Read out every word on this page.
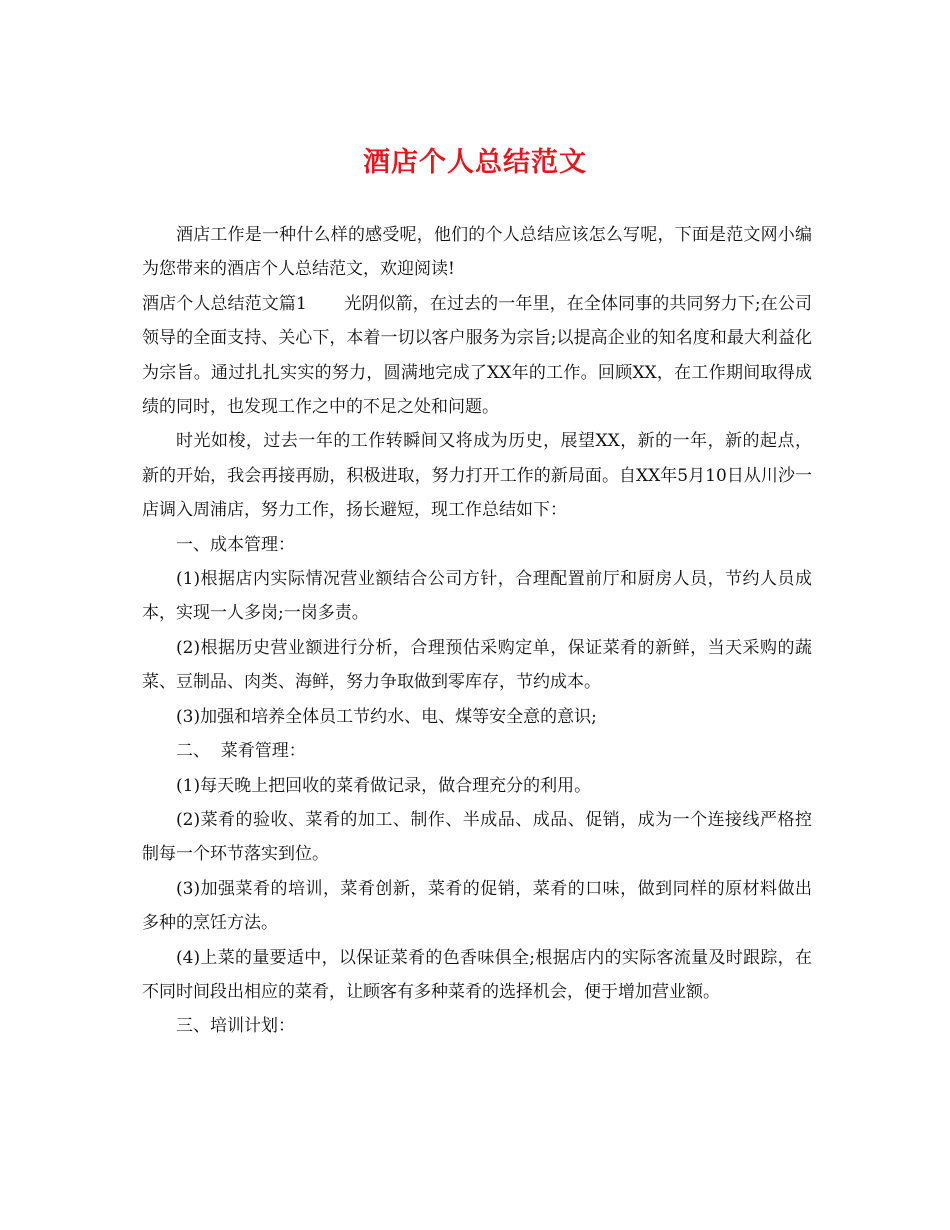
酒店个人总结范文

酒店工作是一种什么样的感受呢，他们的个人总结应该怎么写呢，下面是范文网小编为您带来的酒店个人总结范文，欢迎阅读!

酒店个人总结范文篇1 光阴似箭，在过去的一年里，在全体同事的共同努力下;在公司领导的全面支持、关心下，本着一切以客户服务为宗旨;以提高企业的知名度和最大利益化为宗旨。通过扎扎实实的努力，圆满地完成了XX年的工作。回顾XX，在工作期间取得成绩的同时，也发现工作之中的不足之处和问题。

时光如梭，过去一年的工作转瞬间又将成为历史，展望XX，新的一年，新的起点，新的开始，我会再接再励，积极进取，努力打开工作的新局面。自XX年5月10日从川沙一店调入周浦店，努力工作，扬长避短，现工作总结如下：

一、成本管理：

(1)根据店内实际情况营业额结合公司方针，合理配置前厅和厨房人员，节约人员成本，实现一人多岗;一岗多责。

(2)根据历史营业额进行分析，合理预估采购定单，保证菜肴的新鲜，当天采购的蔬菜、豆制品、肉类、海鲜，努力争取做到零库存，节约成本。

(3)加强和培养全体员工节约水、电、煤等安全意的意识;

二、  菜肴管理：

(1)每天晚上把回收的菜肴做记录，做合理充分的利用。

(2)菜肴的验收、菜肴的加工、制作、半成品、成品、促销，成为一个连接线严格控制每一个环节落实到位。

(3)加强菜肴的培训，菜肴创新，菜肴的促销，菜肴的口味，做到同样的原材料做出多种的烹饪方法。

(4)上菜的量要适中，以保证菜肴的色香味俱全;根据店内的实际客流量及时跟踪，在不同时间段出相应的菜肴，让顾客有多种菜肴的选择机会，便于增加营业额。

三、培训计划：
